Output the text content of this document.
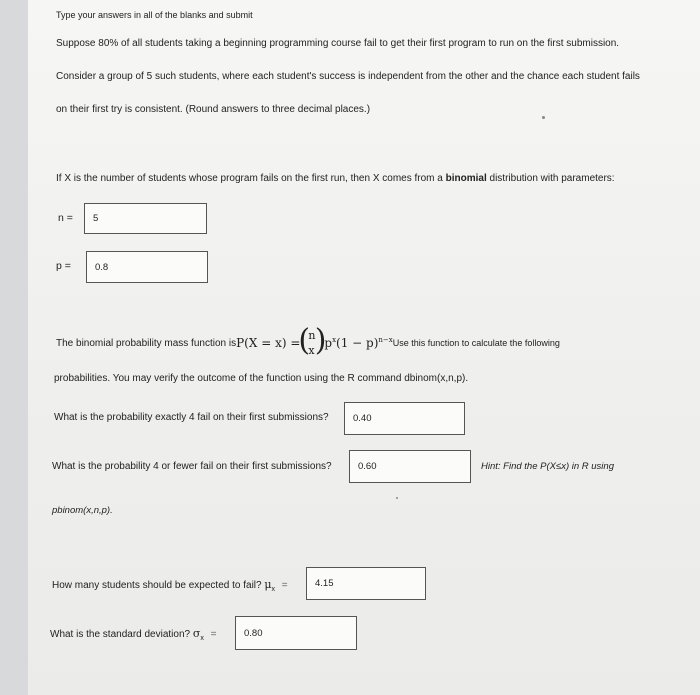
Type your answers in all of the blanks and submit
Suppose 80% of all students taking a beginning programming course fail to get their first program to run on the first submission.
Consider a group of 5 such students, where each student's success is independent from the other and the chance each student fails
on their first try is consistent. (Round answers to three decimal places.)
If X is the number of students whose program fails on the first run, then X comes from a binomial distribution with parameters:
n =	5
p =	0.8
The binomial probability mass function is P(X = x) =
(
n
x )
$p^x(1 - p)^{n-x}$ Use this function to calculate the following
probabilities. You may verify the outcome of the function using the R command dbinom(x,n,p).
What is the probability exactly 4 fail on their first submissions?	0.40
What is the probability 4 or fewer fail on their first submissions?	0.60	Hint: Find the P(X≤x) in R using
pbinom(x,n,p).
How many students should be expected to fail? $\mu_x$ =	4.15
What is the standard deviation? $\sigma_x$ =	0.80
